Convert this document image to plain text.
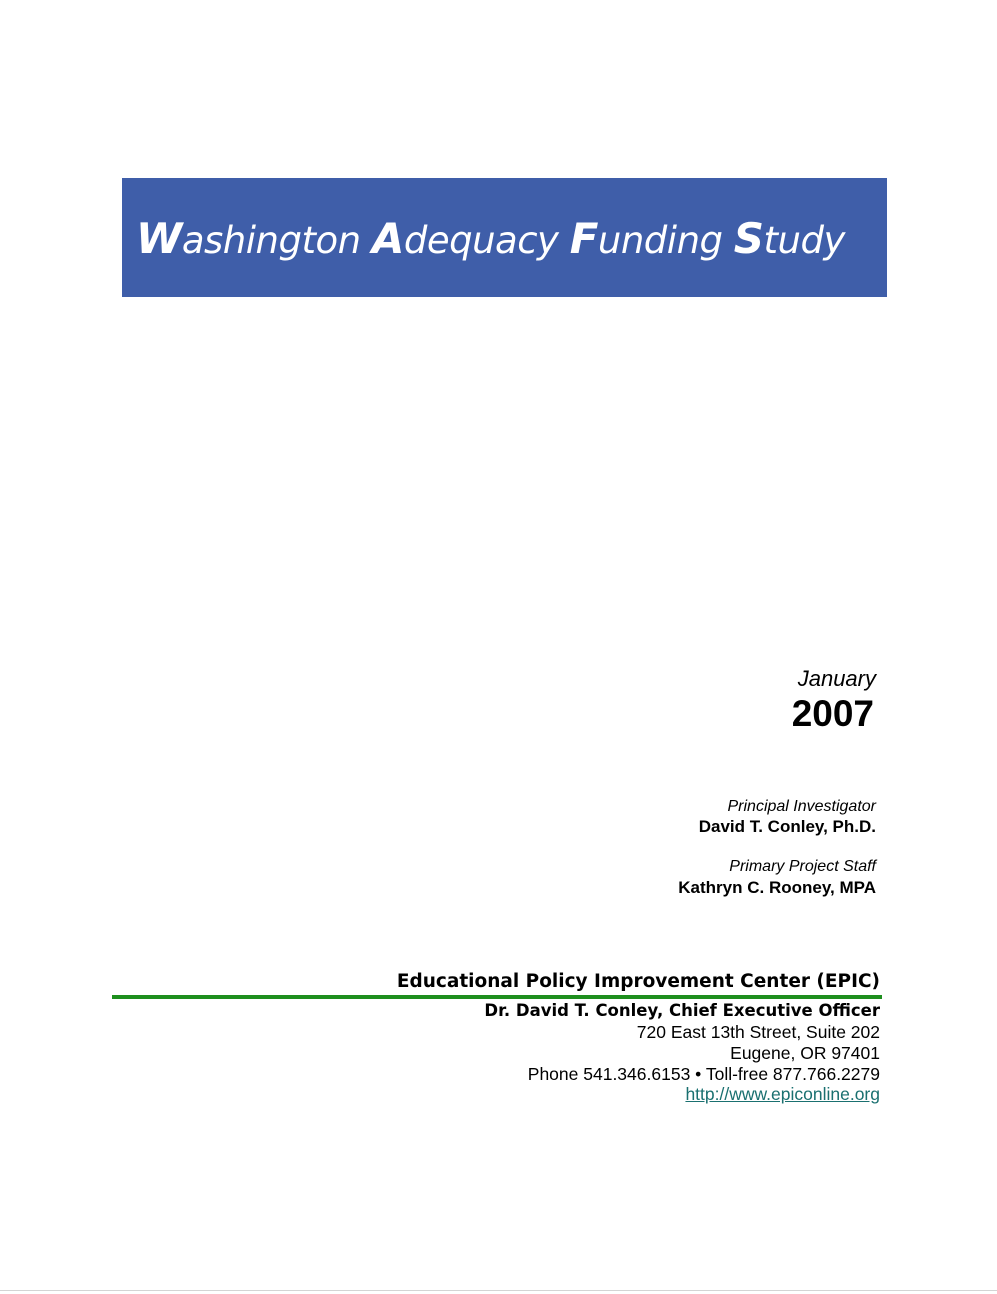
Washington Adequacy Funding Study
January
2007
Principal Investigator
David T. Conley, Ph.D.
Primary Project Staff
Kathryn C. Rooney, MPA
Educational Policy Improvement Center (EPIC)
Dr. David T. Conley, Chief Executive Officer
720 East 13th Street, Suite 202
Eugene, OR 97401
Phone 541.346.6153 • Toll-free 877.766.2279
http://www.epiconline.org
